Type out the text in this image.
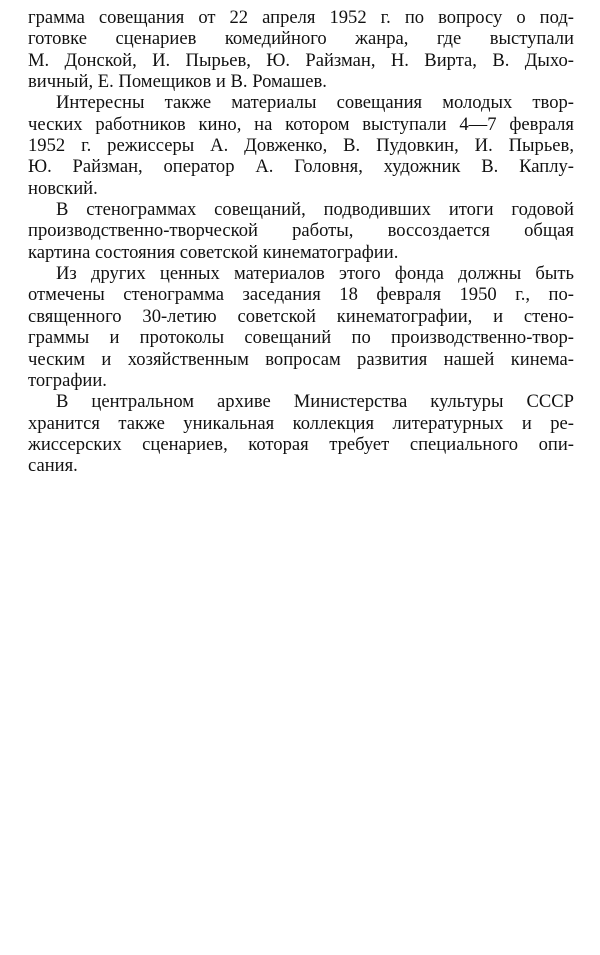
грамма совещания от 22 апреля 1952 г. по вопросу о под-
готовке сценариев комедийного жанра, где выступали
М. Донской, И. Пырьев, Ю. Райзман, Н. Вирта, В. Дыхо-
вичный, Е. Помещиков и В. Ромашев.
Интересны также материалы совещания молодых твор-
ческих работников кино, на котором выступали 4—7 февраля
1952 г. режиссеры А. Довженко, В. Пудовкин, И. Пырьев,
Ю. Райзман, оператор А. Головня, художник В. Каплу-
новский.
В стенограммах совещаний, подводивших итоги годовой
производственно-творческой работы, воссоздается общая
картина состояния советской кинематографии.
Из других ценных материалов этого фонда должны быть
отмечены стенограмма заседания 18 февраля 1950 г., по-
священного 30-летию советской кинематографии, и стено-
граммы и протоколы совещаний по производственно-твор-
ческим и хозяйственным вопросам развития нашей кинема-
тографии.
В центральном архиве Министерства культуры СССР
хранится также уникальная коллекция литературных и ре-
жиссерских сценариев, которая требует специального опи-
сания.
